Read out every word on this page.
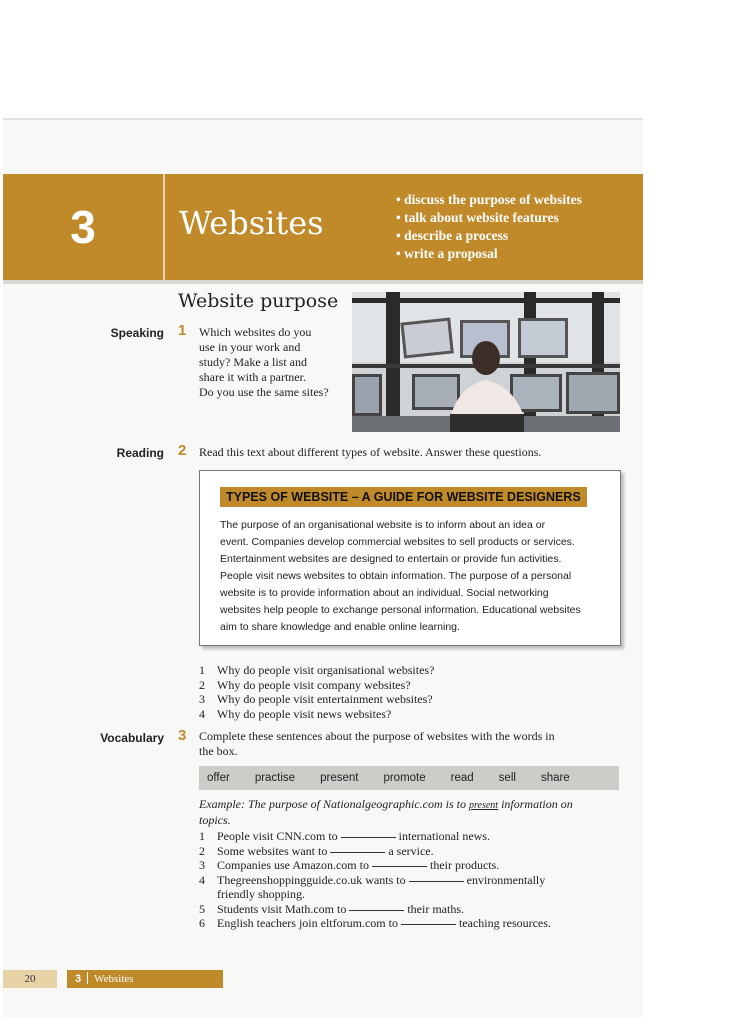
3	Websites
• discuss the purpose of websites
• talk about website features
• describe a process
• write a proposal
Website purpose
Speaking 1 Which websites do you
use in your work and
study? Make a list and
share it with a partner.
Do you use the same sites?
Reading 2 Read this text about different types of website. Answer these questions.
TYPES OF WEBSITE – A GUIDE FOR WEBSITE DESIGNERS
The purpose of an organisational website is to inform about an idea or
event. Companies develop commercial websites to sell products or services.
Entertainment websites are designed to entertain or provide fun activities.
People visit news websites to obtain information. The purpose of a personal
website is to provide information about an individual. Social networking
websites help people to exchange personal information. Educational websites
aim to share knowledge and enable online learning.
1	Why do people visit organisational websites?
2	Why do people visit company websites?
3	Why do people visit entertainment websites?
4	Why do people visit news websites?
Vocabulary 3 Complete these sentences about the purpose of websites with the words in
the box.
offer practise present promote read sell share
Example: The purpose of Nationalgeographic.com is to present information on
topics.
1	People visit CNN.com to	international news.
2	Some websites want to	a service.
3	Companies use Amazon.com to	their products.
4	Thegreenshoppingguide.co.uk wants to	environmentally
friendly shopping.
5	Students visit Math.com to	their maths.
6	English teachers join eltforum.com to	teaching resources.
20	3 Websites
